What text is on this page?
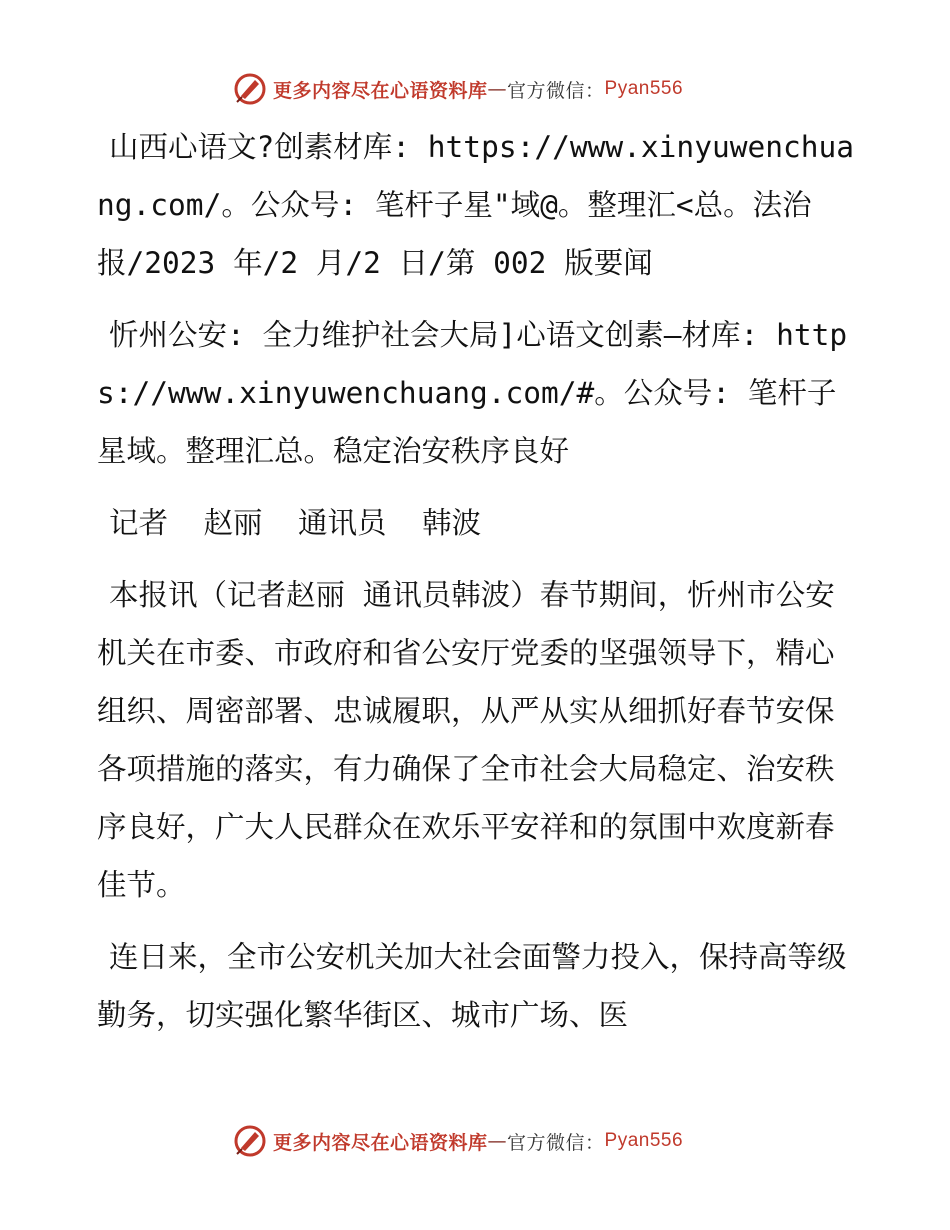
更多内容尽在心语资料库 — 官方微信： Pyan556

山西心语文?创素材库: https://www.xinyuwenchuang.com/。公众号: 笔杆子星"域@。整理汇<总。法治报/2023 年/2 月/2 日/第 002 版要闻

忻州公安: 全力维护社会大局]心语文创素—材库: https://www.xinyuwenchuang.com/#。公众号: 笔杆子星域。整理汇总。稳定治安秩序良好

记者  赵丽  通讯员  韩波

本报讯（记者赵丽 通讯员韩波）春节期间，忻州市公安机关在市委、市政府和省公安厅党委的坚强领导下，精心组织、周密部署、忠诚履职，从严从实从细抓好春节安保各项措施的落实，有力确保了全市社会大局稳定、治安秩序良好，广大人民群众在欢乐平安祥和的氛围中欢度新春佳节。

连日来，全市公安机关加大社会面警力投入，保持高等级勤务，切实强化繁华街区、城市广场、医

更多内容尽在心语资料库 — 官方微信： Pyan556
